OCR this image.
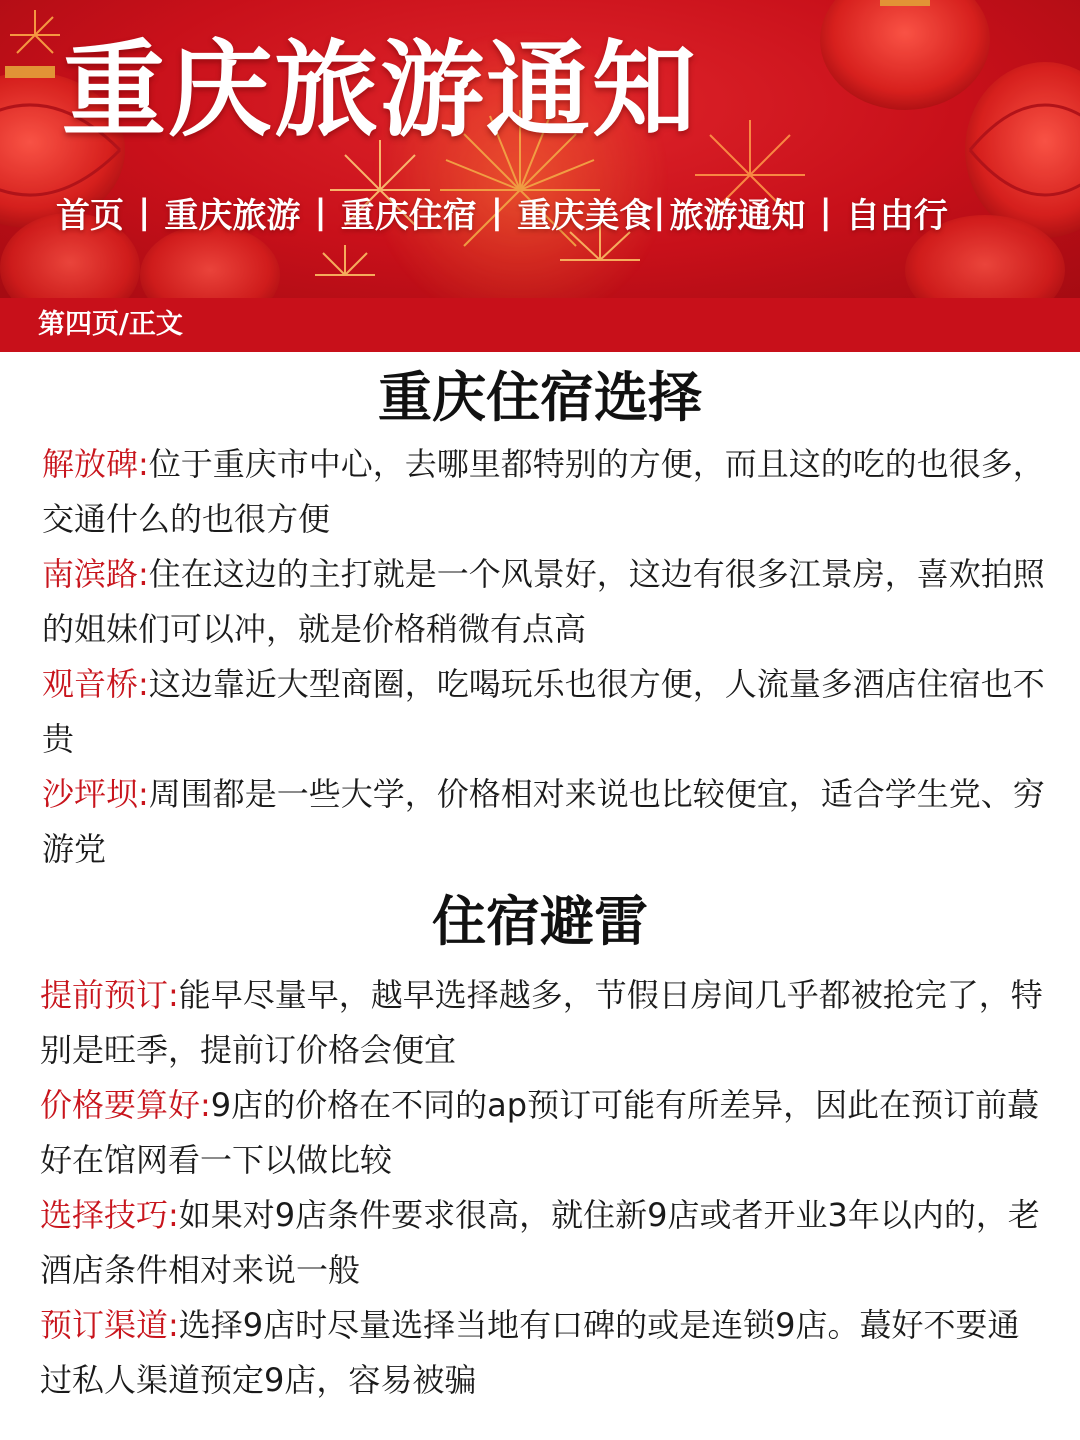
重庆旅游通知
首页 | 重庆旅游 | 重庆住宿 | 重庆美食 | 旅游通知 | 自由行
第四页/正文
重庆住宿选择
解放碑:位于重庆市中心，去哪里都特别的方便，而且这的吃的也很多，交通什么的也很方便
南滨路:住在这边的主打就是一个风景好，这边有很多江景房，喜欢拍照的姐妹们可以冲，就是价格稍微有点高
观音桥:这边靠近大型商圈，吃喝玩乐也很方便，人流量多酒店住宿也不贵
沙坪坝:周围都是一些大学，价格相对来说也比较便宜，适合学生党、穷游党
住宿避雷
提前预订:能早尽量早，越早选择越多，节假日房间几乎都被抢完了，特别是旺季，提前订价格会便宜
价格要算好:9店的价格在不同的ap预订可能有所差异，因此在预订前蕞好在馆网看一下以做比较
选择技巧:如果对9店条件要求很高，就住新9店或者开业3年以内的，老酒店条件相对来说一般
预订渠道:选择9店时尽量选择当地有口碑的或是连锁9店。蕞好不要通过私人渠道预定9店，容易被骗
